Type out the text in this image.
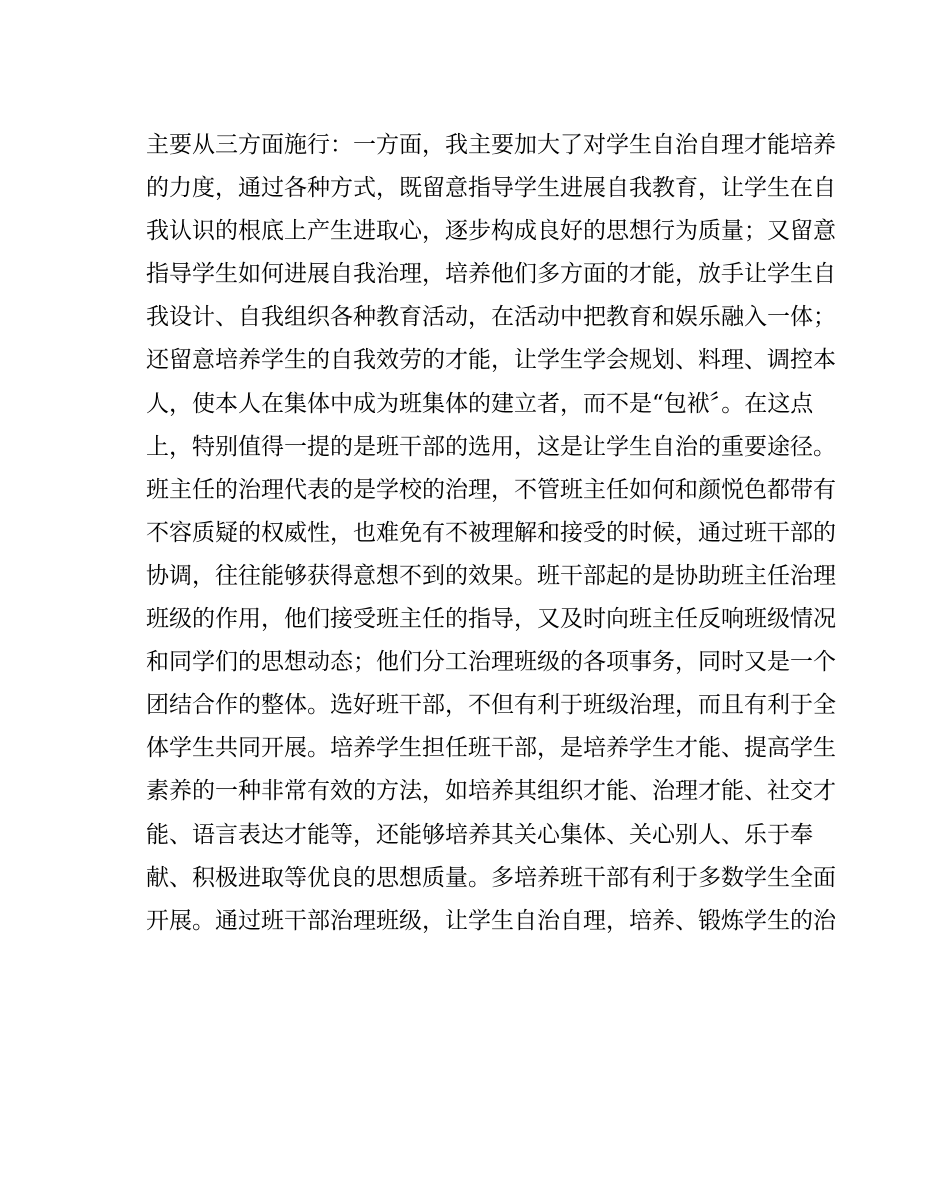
主要从三方面施行：一方面，我主要加大了对学生自治自理才能培养
的力度，通过各种方式，既留意指导学生进展自我教育，让学生在自
我认识的根底上产生进取心，逐步构成良好的思想行为质量；又留意
指导学生如何进展自我治理，培养他们多方面的才能，放手让学生自
我设计、自我组织各种教育活动，在活动中把教育和娱乐融入一体；
还留意培养学生的自我效劳的才能，让学生学会规划、料理、调控本
人，使本人在集体中成为班集体的建立者，而不是“包袱〞。在这点
上，特别值得一提的是班干部的选用，这是让学生自治的重要途径。
班主任的治理代表的是学校的治理，不管班主任如何和颜悦色都带有
不容质疑的权威性，也难免有不被理解和接受的时候，通过班干部的
协调，往往能够获得意想不到的效果。班干部起的是协助班主任治理
班级的作用，他们接受班主任的指导，又及时向班主任反响班级情况
和同学们的思想动态；他们分工治理班级的各项事务，同时又是一个
团结合作的整体。选好班干部，不但有利于班级治理，而且有利于全
体学生共同开展。培养学生担任班干部，是培养学生才能、提高学生
素养的一种非常有效的方法，如培养其组织才能、治理才能、社交才
能、语言表达才能等，还能够培养其关心集体、关心别人、乐于奉
献、积极进取等优良的思想质量。多培养班干部有利于多数学生全面
开展。通过班干部治理班级，让学生自治自理，培养、锻炼学生的治
